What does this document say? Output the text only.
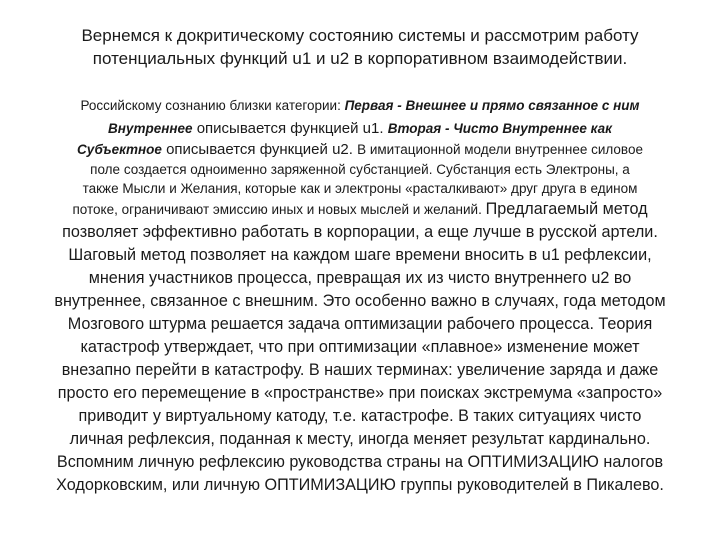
Вернемся к докритическому состоянию системы и рассмотрим работу
потенциальных функций u1 и u2 в корпоративном взаимодействии.
Российскому сознанию близки категории: Первая - Внешнее и прямо связанное с ним
Внутреннее описывается функцией u1. Вторая - Чисто Внутреннее как
Субъектное описывается функцией u2. В имитационной модели внутреннее силовое
поле создается одноименно заряженной субстанцией. Субстанция есть Электроны, а
также Мысли и Желания, которые как и электроны «расталкивают» друг друга в едином
потоке, ограничивают эмиссию иных и новых мыслей и желаний. Предлагаемый метод
позволяет эффективно работать в корпорации, а еще лучше в русской артели.
Шаговый метод позволяет на каждом шаге времени вносить в u1 рефлексии,
мнения участников процесса, превращая их из чисто внутреннего u2 во
внутреннее, связанное с внешним. Это особенно важно в случаях, года методом
Мозгового штурма решается задача оптимизации рабочего процесса. Теория
катастроф утверждает, что при оптимизации «плавное» изменение может
внезапно перейти в катастрофу. В наших терминах: увеличение заряда и даже
просто его перемещение в «пространстве» при поисках экстремума «запросто»
приводит у виртуальному катоду, т.е. катастрофе. В таких ситуациях чисто
личная рефлексия, поданная к месту, иногда меняет результат кардинально.
Вспомним личную рефлексию руководства страны на ОПТИМИЗАЦИЮ налогов
Ходорковским, или личную ОПТИМИЗАЦИЮ группы руководителей в Пикалево.
